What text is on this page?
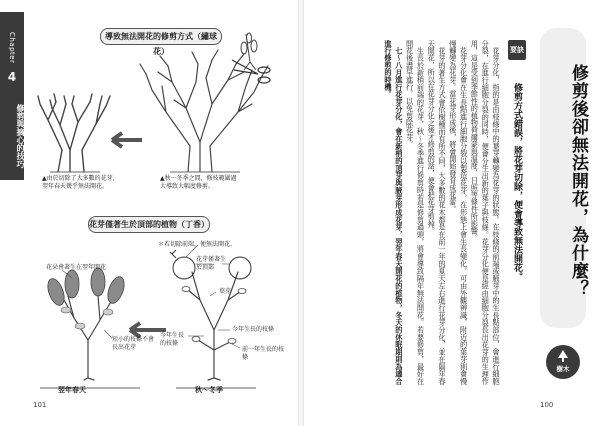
Chapter
4
修剪與摘心的技巧
導致無法開花的修剪方式（繡球花）
▲由於切除了大多數的花芽，翌年春天幾乎無法開花。
▲秋～冬季之間，修枝範圍過大導致大幅度修剪。
花芽僅著生於頂部的植物（丁香）
＊若切除前端，便無法開花。
花朵會著生在翌年開花
短小的枝條不會長出花芽
花芽僅著生於頂部
葉芽
今年生長的枝條
今年生長的枝條
前一年生長的枝條
翌年春天	秋～冬季
101
修剪後卻無法開花，為什麼？
要訣
修剪方式錯誤，將花芽切除，便會導致無法開花。

花芽分化，指的是由枝條中的葉芽轉變為花芽的狀態。在枝條的前端或腋芽中的生長點部位，會進行細胞分裂，在進行細胞分裂的同時，便會分生出新的葉子與枝條。花芽分化便是經由細胞分裂長出花芽的生理作用，這是受到季節性的植物荷爾蒙與溫度、日照等條件所影響。

花芽分化會在生長點進行細胞分裂以製造花芽，在形態上會生長變化，可由外觀辨識，附近的葉芽則會慢慢轉變為花芽。當花芽形成後，將會開始發育成花蕾。

花芽的著生方式會依樹種而有所不同，大多數的花木都是在前一年的夏天左右進行花芽分化，並在隔年春天開花，所以在花芽分化之後才修剪的話，便會把花芽剪掉。

生長於新梢前端的花芽，秋～冬季進行修剪時若是修剪過頭，將會導致隔年無法開花。若要修剪，最好在開花後盡早進行，以免剪除花芽。

七～八月進行花芽分化，會在新梢的頂芽與腋芽形成花芽，翌年春天開花的植物，冬天的休眠期則為適合進行修剪的時機。

樹木
100
